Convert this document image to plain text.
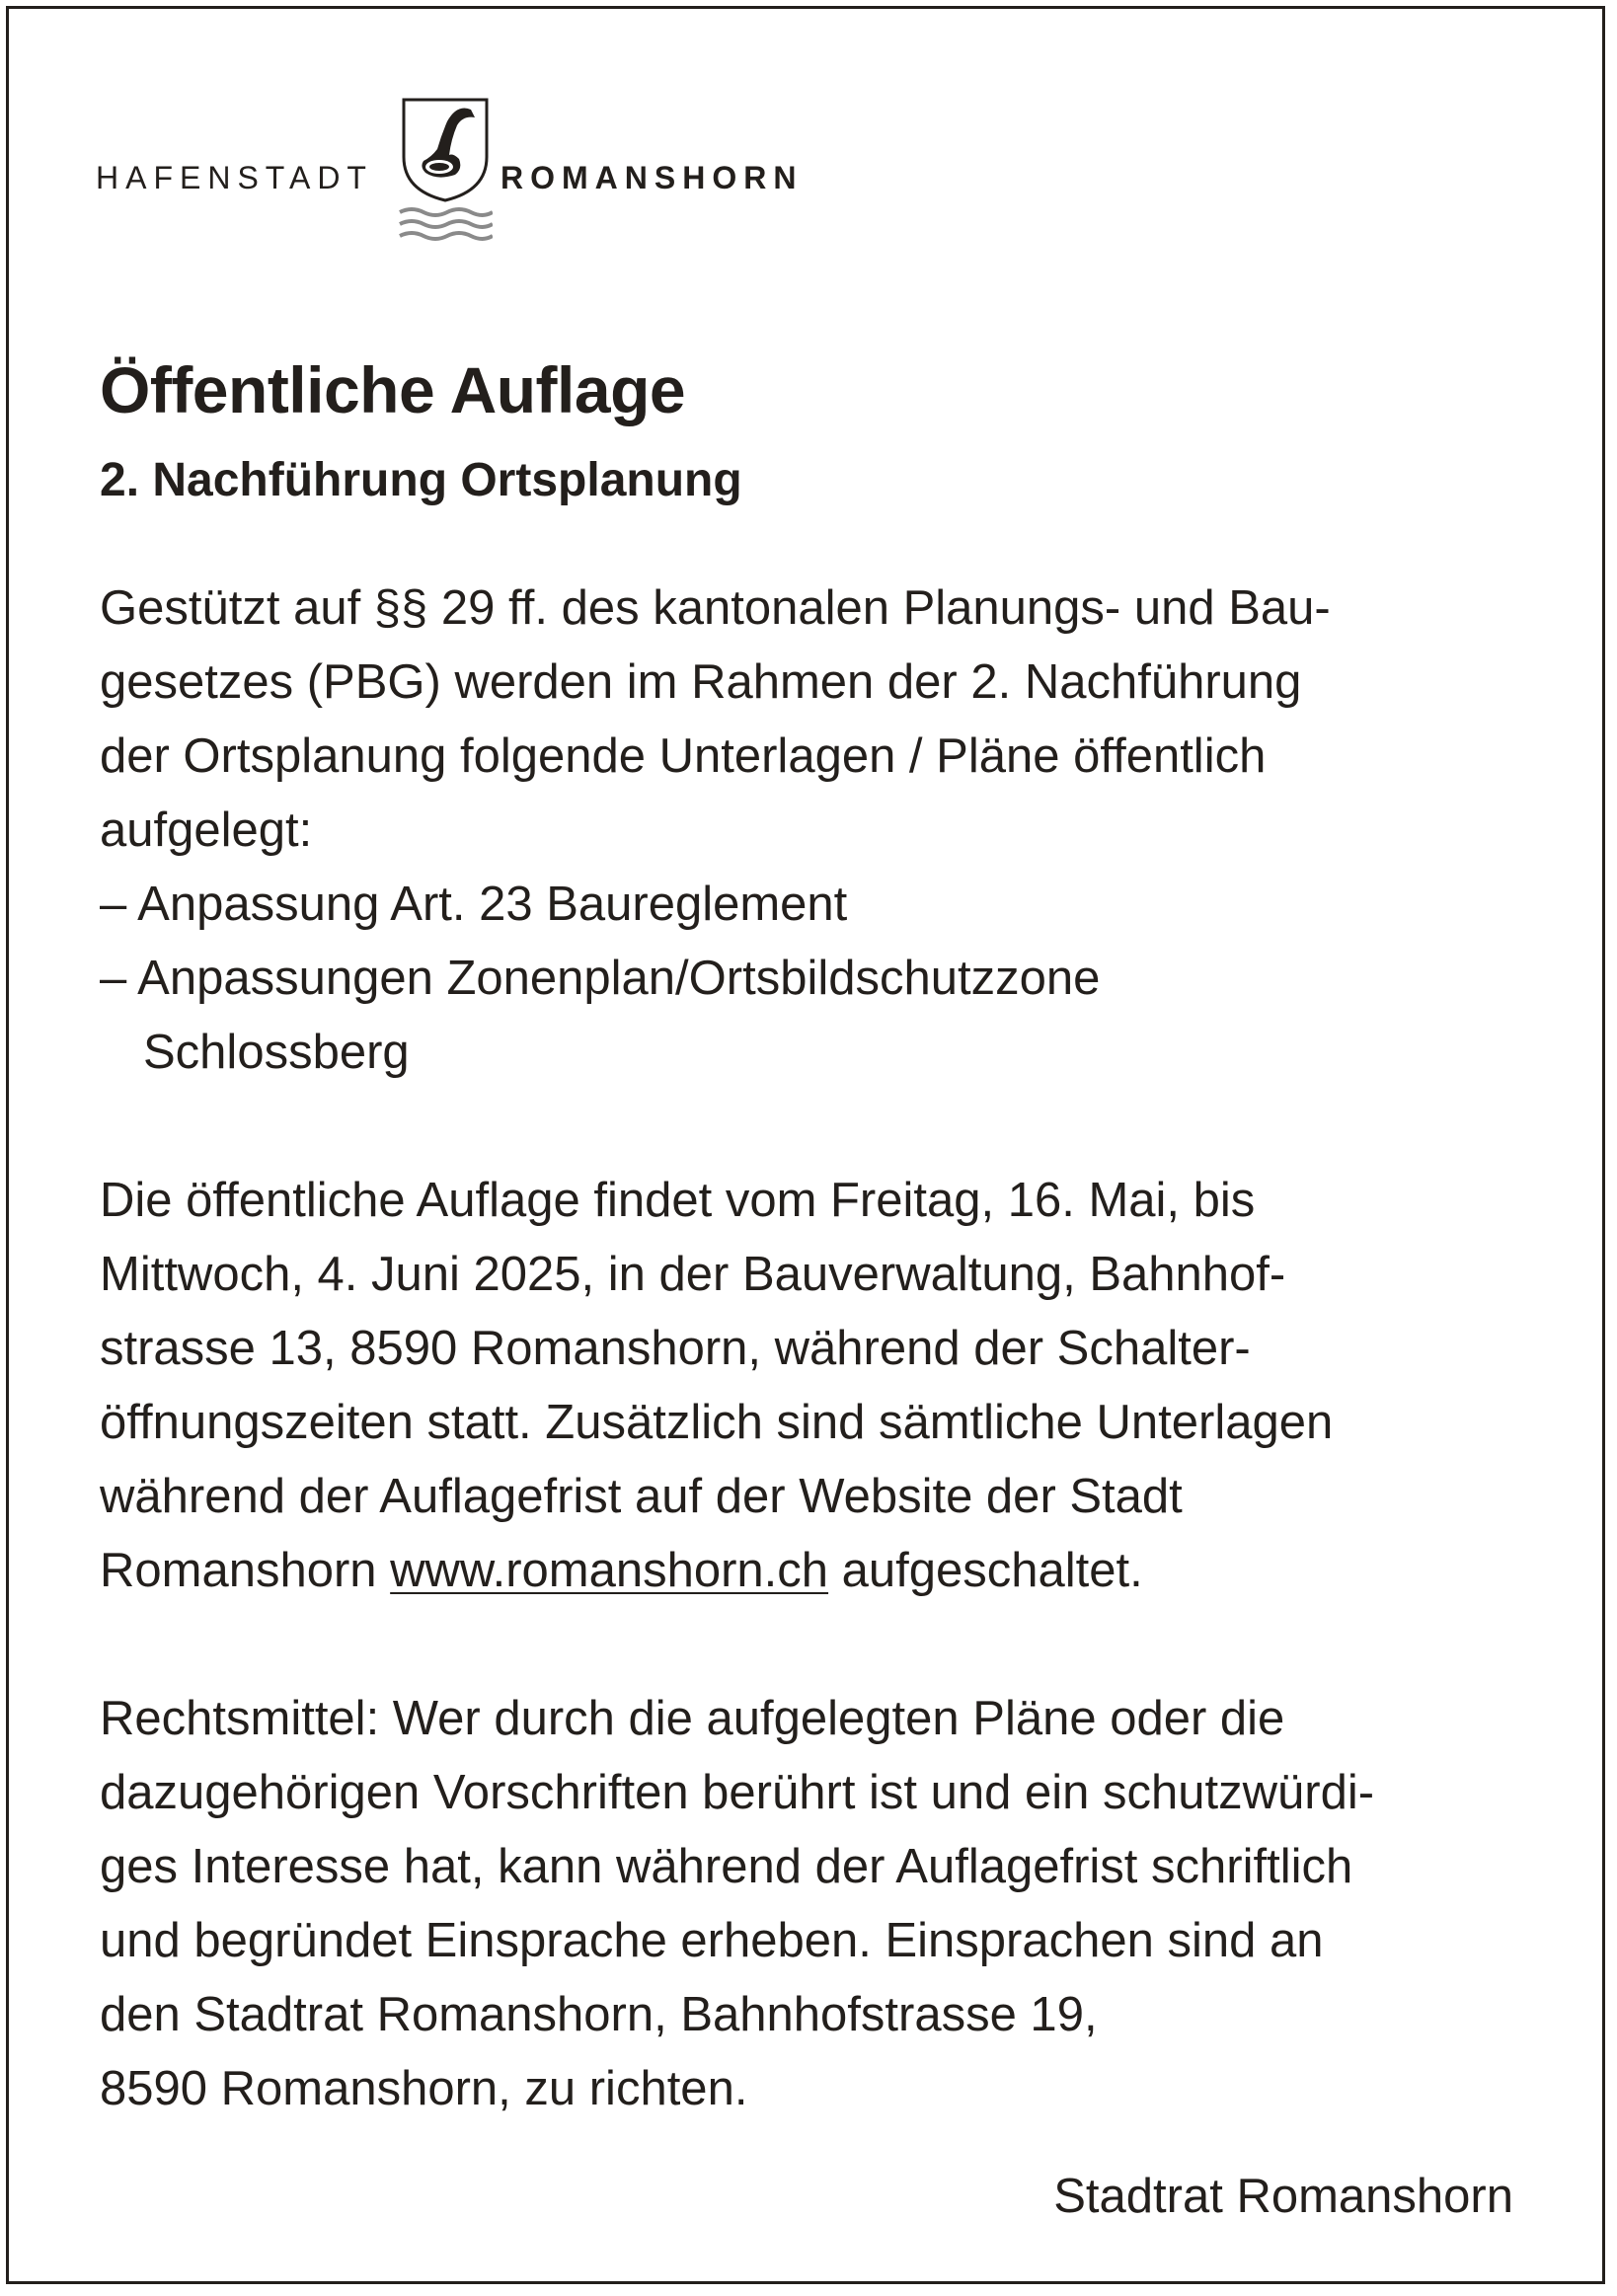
HAFENSTADT	ROMANSHORN
Öffentliche Auflage
2. Nachführung Ortsplanung

Gestützt auf §§ 29 ff. des kantonalen Planungs- und Bau-
gesetzes (PBG) werden im Rahmen der 2. Nachführung
der Ortsplanung folgende Unterlagen / Pläne öffentlich
aufgelegt:
– Anpassung Art. 23 Baureglement
– Anpassungen Zonenplan/Ortsbildschutzzone
Schlossberg

Die öffentliche Auflage findet vom Freitag, 16. Mai, bis
Mittwoch, 4. Juni 2025, in der Bauverwaltung, Bahnhof-
strasse 13, 8590 Romanshorn, während der Schalter-
öffnungszeiten statt. Zusätzlich sind sämtliche Unterlagen
während der Auflagefrist auf der Website der Stadt
Romanshorn www.romanshorn.ch aufgeschaltet.

Rechtsmittel: Wer durch die aufgelegten Pläne oder die
dazugehörigen Vorschriften berührt ist und ein schutzwürdi-
ges Interesse hat, kann während der Auflagefrist schriftlich
und begründet Einsprache erheben. Einsprachen sind an
den Stadtrat Romanshorn, Bahnhofstrasse 19,
8590 Romanshorn, zu richten.

Stadtrat Romanshorn
